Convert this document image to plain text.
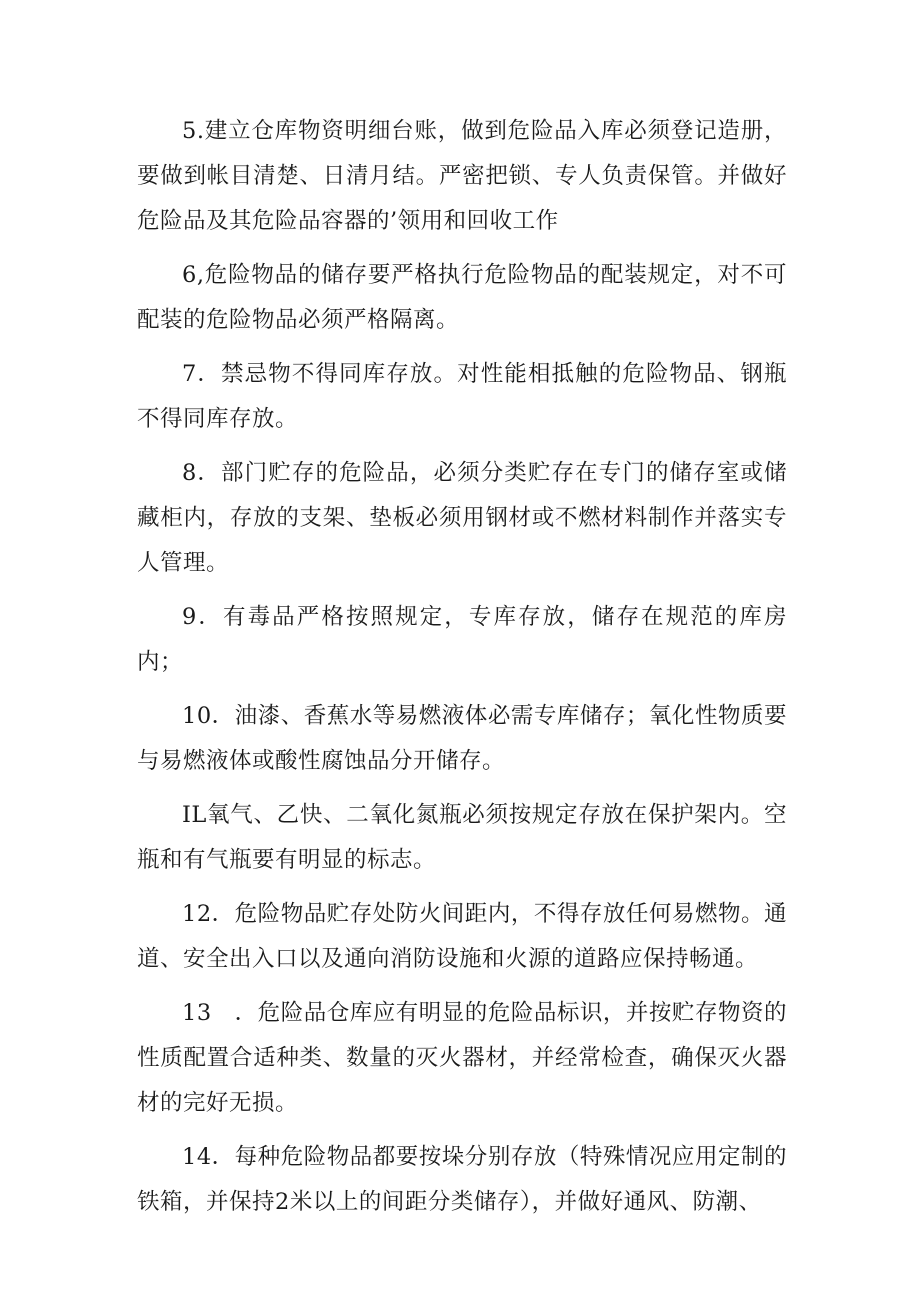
5.建立仓库物资明细台账，做到危险品入库必须登记造册，要做到帐目清楚、日清月结。严密把锁、专人负责保管。并做好危险品及其危险品容器的’领用和回收工作

6,危险物品的储存要严格执行危险物品的配装规定，对不可配装的危险物品必须严格隔离。

7．禁忌物不得同库存放。对性能相抵触的危险物品、钢瓶不得同库存放。

8．部门贮存的危险品，必须分类贮存在专门的储存室或储藏柜内，存放的支架、垫板必须用钢材或不燃材料制作并落实专人管理。

9．有毒品严格按照规定，专库存放，储存在规范的库房内；

10．油漆、香蕉水等易燃液体必需专库储存；氧化性物质要与易燃液体或酸性腐蚀品分开储存。

IL氧气、乙快、二氧化氮瓶必须按规定存放在保护架内。空瓶和有气瓶要有明显的标志。

12．危险物品贮存处防火间距内，不得存放任何易燃物。通道、安全出入口以及通向消防设施和火源的道路应保持畅通。

13　．危险品仓库应有明显的危险品标识，并按贮存物资的性质配置合适种类、数量的灭火器材，并经常检查，确保灭火器材的完好无损。

14．每种危险物品都要按垛分别存放（特殊情况应用定制的铁箱，并保持2米以上的间距分类储存），并做好通风、防潮、
